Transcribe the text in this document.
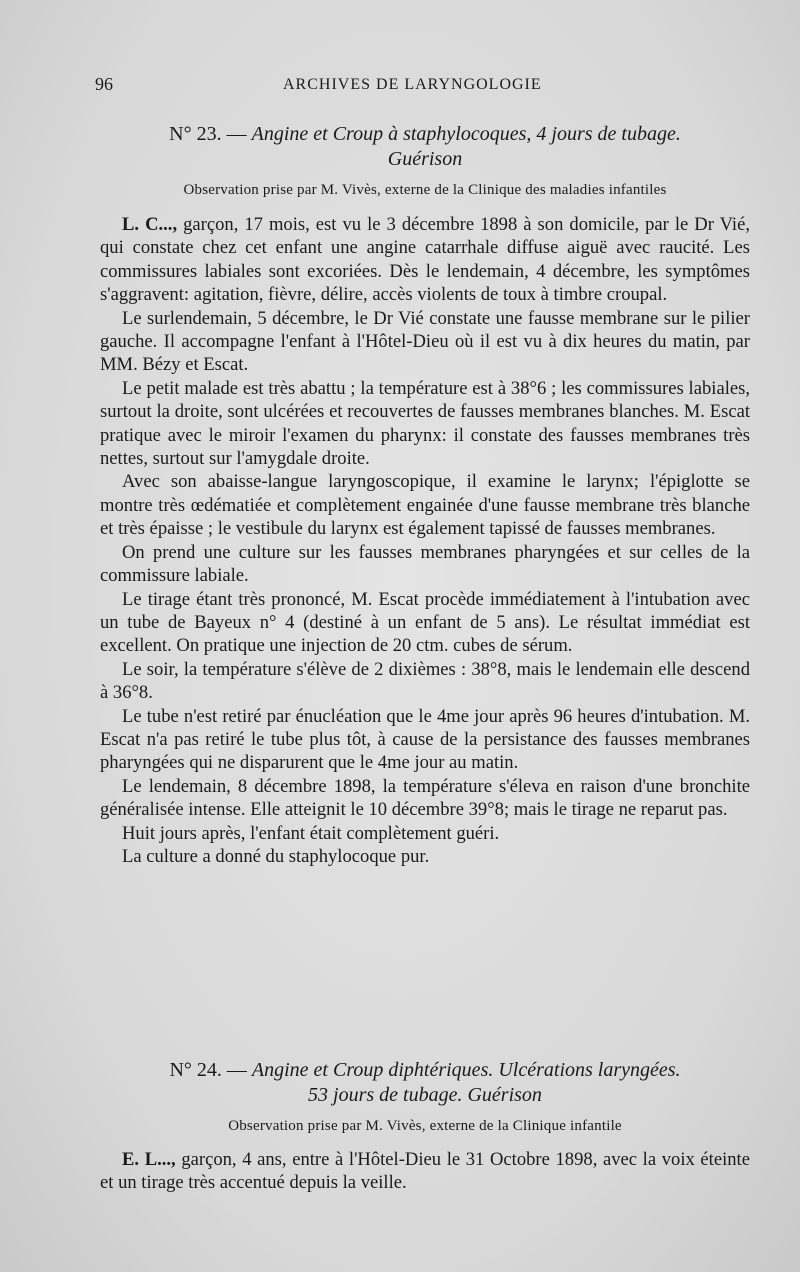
96	ARCHIVES DE LARYNGOLOGIE
N° 23. — Angine et Croup à staphylocoques, 4 jours de tubage.
Guérison
Observation prise par M. Vivès, externe de la Clinique des maladies infantiles

L. C..., garçon, 17 mois, est vu le 3 décembre 1898 à son domicile, par le Dr Vié, qui constate chez cet enfant une angine catarrhale diffuse aiguë avec raucité. Les commissures labiales sont excoriées. Dès le lendemain, 4 décembre, les symptômes s'aggravent: agitation, fièvre, délire, accès violents de toux à timbre croupal.

Le surlendemain, 5 décembre, le Dr Vié constate une fausse membrane sur le pilier gauche. Il accompagne l'enfant à l'Hôtel-Dieu où il est vu à dix heures du matin, par MM. Bézy et Escat.

Le petit malade est très abattu ; la température est à 38°6 ; les commissures labiales, surtout la droite, sont ulcérées et recouvertes de fausses membranes blanches. M. Escat pratique avec le miroir l'examen du pharynx: il constate des fausses membranes très nettes, surtout sur l'amygdale droite.

Avec son abaisse-langue laryngoscopique, il examine le larynx; l'épiglotte se montre très œdématiée et complètement engainée d'une fausse membrane très blanche et très épaisse ; le vestibule du larynx est également tapissé de fausses membranes.

On prend une culture sur les fausses membranes pharyngées et sur celles de la commissure labiale.

Le tirage étant très prononcé, M. Escat procède immédiatement à l'intubation avec un tube de Bayeux n° 4 (destiné à un enfant de 5 ans). Le résultat immédiat est excellent. On pratique une injection de 20 ctm. cubes de sérum.

Le soir, la température s'élève de 2 dixièmes : 38°8, mais le lendemain elle descend à 36°8.

Le tube n'est retiré par énucléation que le 4me jour après 96 heures d'intubation. M. Escat n'a pas retiré le tube plus tôt, à cause de la persistance des fausses membranes pharyngées qui ne disparurent que le 4me jour au matin.

Le lendemain, 8 décembre 1898, la température s'éleva en raison d'une bronchite généralisée intense. Elle atteignit le 10 décembre 39°8; mais le tirage ne reparut pas.

Huit jours après, l'enfant était complètement guéri.

La culture a donné du staphylocoque pur.

N° 24. — Angine et Croup diphtériques. Ulcérations laryngées.
53 jours de tubage. Guérison
Observation prise par M. Vivès, externe de la Clinique infantile

E. L..., garçon, 4 ans, entre à l'Hôtel-Dieu le 31 Octobre 1898, avec la voix éteinte et un tirage très accentué depuis la veille.
